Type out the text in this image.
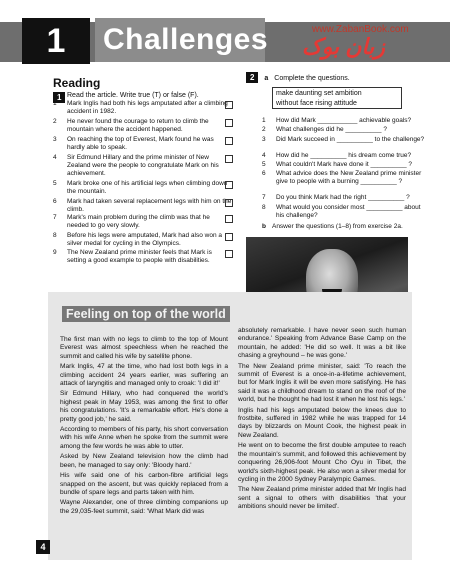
1	Challenges	www.ZabanBook.com
زبان بوک
Reading
1 Read the article. Write true (T) or false (F).
1 Mark Inglis had both his legs amputated after a climbing accident in 1982.
2 He never found the courage to return to climb the mountain where the accident happened.
3 On reaching the top of Everest, Mark found he was hardly able to speak.
4 Sir Edmund Hillary and the prime minister of New Zealand were the people to congratulate Mark on his achievement.
5 Mark broke one of his artificial legs when climbing down the mountain.
6 Mark had taken several replacement legs with him on the climb.
7 Mark's main problem during the climb was that he needed to go very slowly.
8 Before his legs were amputated, Mark had also won a silver medal for cycling in the Olympics.
9 The New Zealand prime minister feels that Mark is setting a good example to people with disabilities.
2 a Complete the questions.
make daunting set ambition
without face rising attitude
1 How did Mark ___________ achievable goals?
2 What challenges did he __________ ?
3 Did Mark succeed in __________ to the challenge?
4 How did he __________ his dream come true?
5 What couldn't Mark have done it __________ ?
6 What advice does the New Zealand prime minister give to people with a burning __________ ?
7 Do you think Mark had the right __________ ?
8 What would you consider most __________ about his challenge?
b Answer the questions (1–8) from exercise 2a.
Feeling on top of the world

The first man with no legs to climb to the top of Mount Everest was almost speechless when he reached the summit and called his wife by satellite phone.

Mark Inglis, 47 at the time, who had lost both legs in a climbing accident 24 years earlier, was suffering an attack of laryngitis and managed only to croak: 'I did it!'

Sir Edmund Hillary, who had conquered the world's highest peak in May 1953, was among the first to offer his congratulations. 'It's a remarkable effort. He's done a pretty good job,' he said.

According to members of his party, his short conversation with his wife Anne when he spoke from the summit were among the few words he was able to utter.

Asked by New Zealand television how the climb had been, he managed to say only: 'Bloody hard.'

His wife said one of his carbon-fibre artificial legs snapped on the ascent, but was quickly replaced from a bundle of spare legs and parts taken with him.

Wayne Alexander, one of three climbing companions up the 29,035-feet summit, said: 'What Mark did was

absolutely remarkable. I have never seen such human endurance.' Speaking from Advance Base Camp on the mountain, he added: 'He did so well. It was a bit like chasing a greyhound – he was gone.'

The New Zealand prime minister, said: 'To reach the summit of Everest is a once-in-a-lifetime achievement, but for Mark Inglis it will be even more satisfying. He has said it was a childhood dream to stand on the roof of the world, but he thought he had lost it when he lost his legs.'

Inglis had his legs amputated below the knees due to frostbite, suffered in 1982 while he was trapped for 14 days by blizzards on Mount Cook, the highest peak in New Zealand.

He went on to become the first double amputee to reach the mountain's summit, and followed this achievement by conquering 26,906-foot Mount Cho Oyu in Tibet, the world's sixth-highest peak. He also won a silver medal for cycling in the 2000 Sydney Paralympic Games.

The New Zealand prime minister added that Mr Inglis had sent a signal to others with disabilities 'that your ambitions should never be limited'.

4
